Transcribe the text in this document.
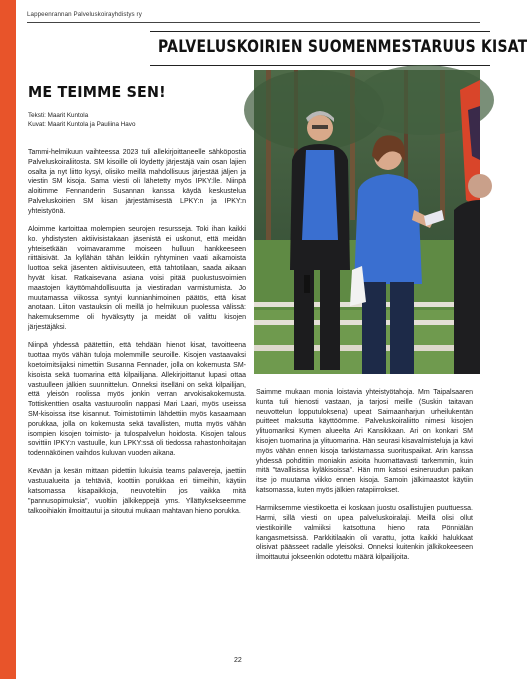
Lappeenrannan Palveluskoirayhdistys ry
PALVELUSKOIRIEN SUOMENMESTARUUS KISAT
ME TEIMME SEN!
Teksti: Maarit Kuntola
Kuvat: Maarit Kuntola ja Pauliina Havo

Tammi-helmikuun vaihteessa 2023 tuli allekirjoittaneelle sähköpostia Palveluskoiraliitosta. SM kisoille oli löydetty järjestäjä vain osan lajien osalta ja nyt liitto kysyi, olisiko meillä mahdollisuus järjestää jäljen ja viestin SM kisoja. Sama viesti oli lähetetty myös IPKY:lle. Niinpä aloitimme Fennanderin Susannan kanssa käydä keskustelua Palveluskoirien SM kisan järjestämisestä LPKY:n ja IPKY:n yhteistyönä.

Aloimme kartoittaa molempien seurojen resursseja. Toki ihan kaikki ko. yhdistysten aktiivisistakaan jäsenistä ei uskonut, että meidän yhteisetkään voimavaramme moiseen hulluun hankkeeseen riittäisivät. Ja kyllähän tähän leikkiin ryhtyminen vaati aikamoista luottoa sekä jäsenten aktiivisuuteen, että tahtotilaan, saada aikaan hyvät kisat. Ratkaisevana asiana voisi pitää puolustusvoimien maastojen käyttömahdollisuutta ja viestiradan varmistumista. Jo muutamassa viikossa syntyi kunnianhimoinen päätös, että kisat anotaan. Liiton vastauksin oli meillä jo helmikuun puolessa välissä: hakemuksemme oli hyväksytty ja meidät oli valittu kisojen järjestäjäksi.

Niinpä yhdessä päätettiin, että tehdään hienot kisat, tavoitteena tuottaa myös vähän tuloja molemmille seuroille. Kisojen vastaavaksi koetoimitsijaksi nimettiin Susanna Fennader, jolla on kokemusta SM-kisoista sekä tuomarina että kilpailijana. Allekirjoittanut lupasi ottaa vastuulleen jälkien suunnittelun. Onneksi itselläni on sekä kilpailijan, että yleisön roolissa myös jonkin verran arvokisakokemusta. Tottiskenttien osalta vastuuroolin nappasi Mari Laari, myös useissa SM-kisoissa itse kisannut. Toimistotiimin lähdettiin myös kasaamaan porukkaa, jolla on kokemusta sekä tavallisten, mutta myös vähän isompien kisojen toimisto- ja tulospalvelun hoidosta. Kisojen talous sovittiin IPKY:n vastuulle, kun LPKY:ssä oli tiedossa rahastonhoitajan todennäköinen vaihdos kuluvan vuoden aikana.

Kevään ja kesän mittaan pidettiin lukuisia teams palavereja, jaettiin vastuualueita ja tehtäviä, koottiin porukkaa eri tiimeihin, käytiin katsomassa kisapaikkoja, neuvoteltiin jos vaikka mitä "pannusopimuksia", vuoltiin jälkikeppejä yms. Yllättyksekseemme talkooihiakin ilmoittautui ja sitoutui mukaan mahtavan hieno porukka.

Saimme mukaan monia loistavia yhteistyötahoja. Mm Taipalsaaren kunta tuli hienosti vastaan, ja tarjosi meille (Suskin taitavan neuvottelun lopputuloksena) upeat Saimaanharjun urheilukentän puitteet maksutta käyttöömme. Palveluskoiraliitto nimesi kisojen ylituomariksi Kymen alueelta Ari Kansikkaan. Ari on konkari SM kisojen tuomarina ja ylituomarina. Hän seurasi kisavalmisteluja ja kävi myös vähän ennen kisoja tarkistamassa suorituspaikat. Arin kanssa yhdessä pohdittiin moniakin asioita huomattavasti tarkemmin, kuin mitä "tavallisissa kyläkisoissa". Hän mm katsoi esineruudun paikan itse jo muutama viikko ennen kisoja. Samoin jälkimaastot käytiin katsomassa, kuten myös jälkien ratapiirrokset.

Harmiksemme viestikoetta ei koskaan juostu osallistujien puuttuessa. Harmi, sillä viesti on upea palveluskoiralaji. Meillä olisi ollut viestikoirille valmiiksi katsottuna hieno rata Pönniälän kangasmetsissä. Parkkitilaakin oli varattu, jotta kaikki halukkaat olisivat päässeet radalle yleisöksi. Onneksi kuitenkin jälkikokeeseen ilmoittautui jokseenkin odotettu määrä kilpailijoita.

22
